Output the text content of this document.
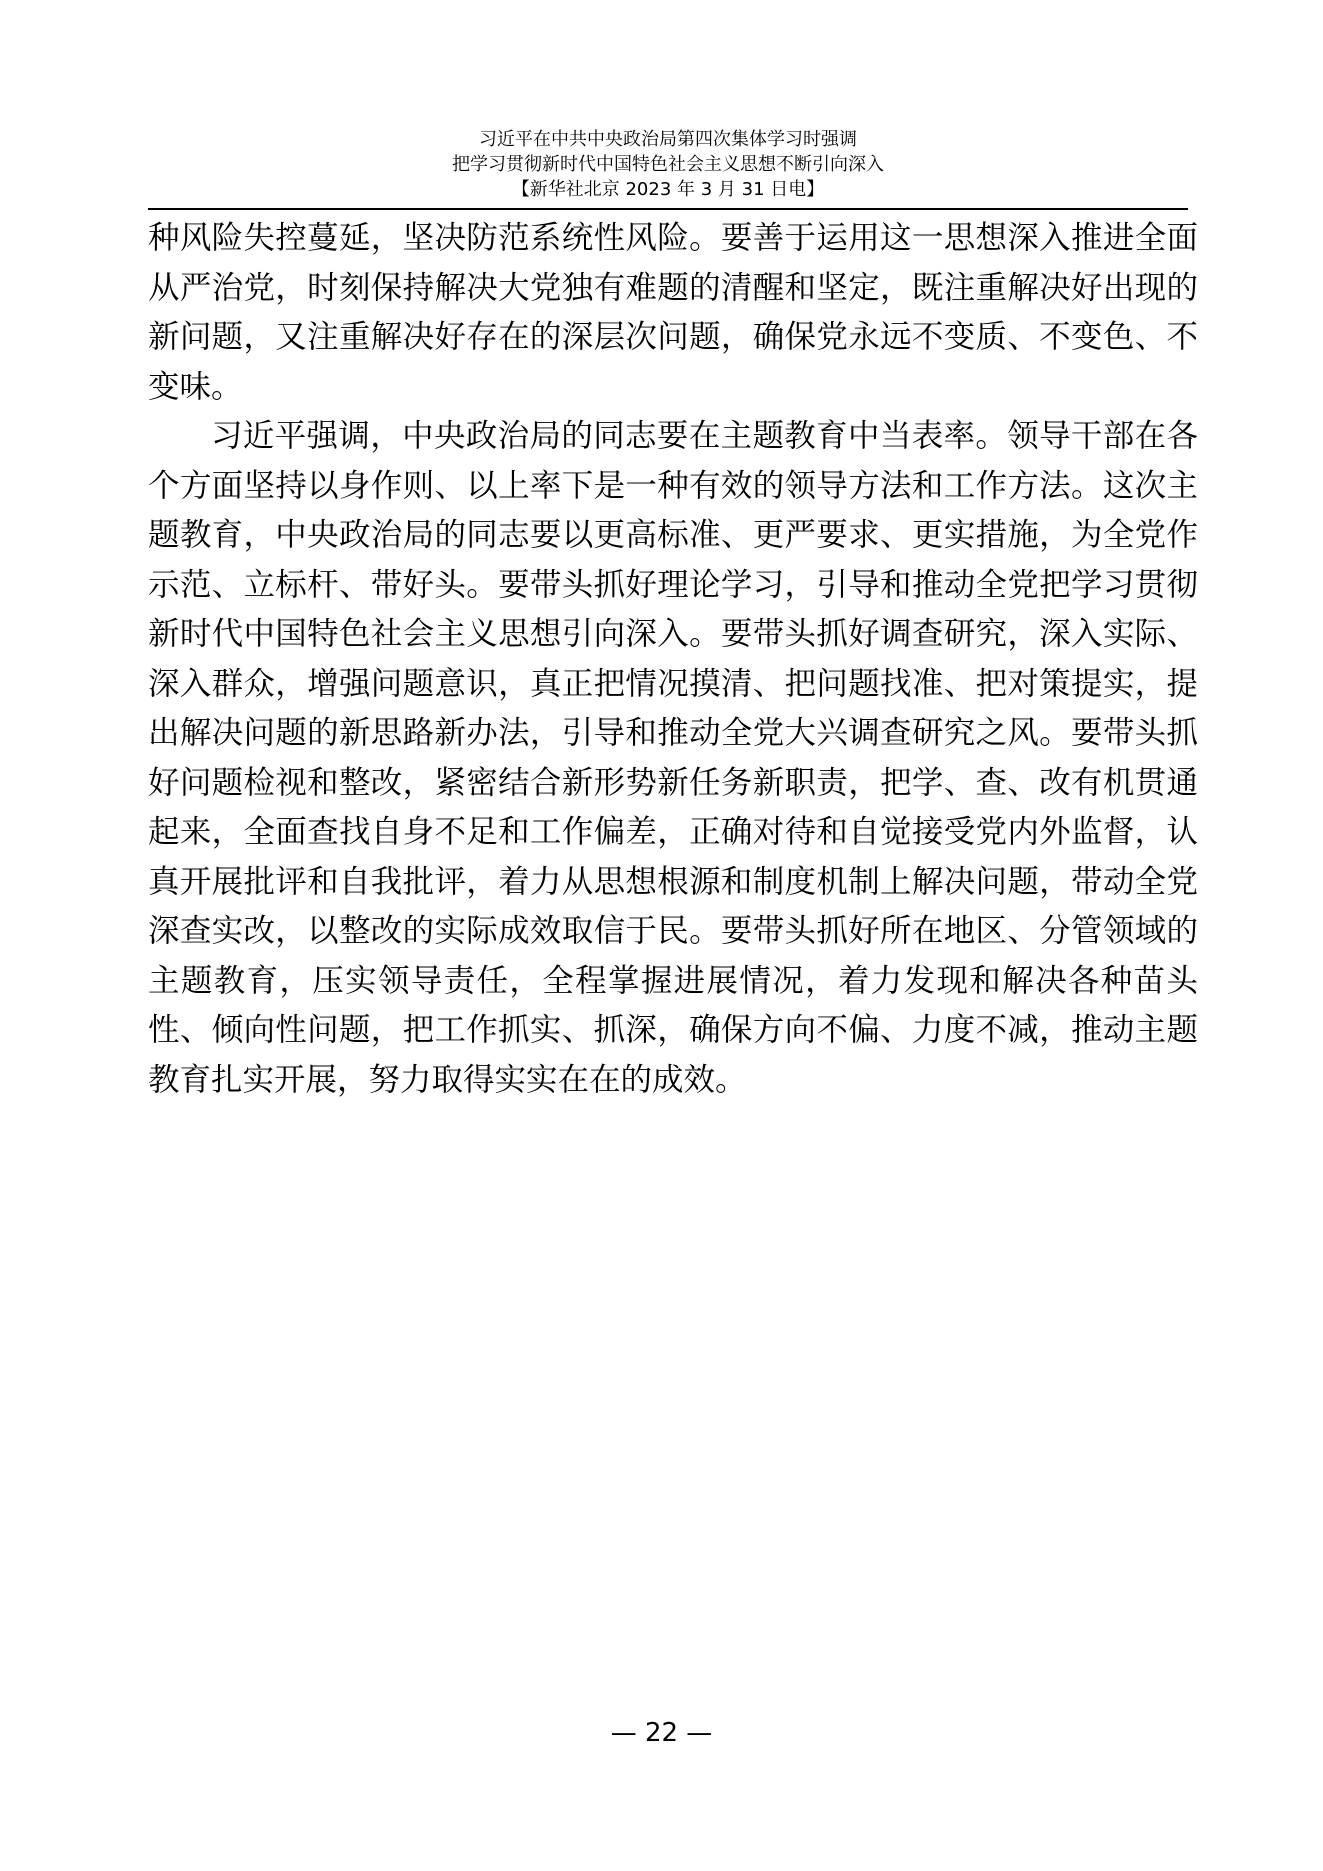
习近平在中共中央政治局第四次集体学习时强调
把学习贯彻新时代中国特色社会主义思想不断引向深入
【新华社北京 2023 年 3 月 31 日电】

种风险失控蔓延，坚决防范系统性风险。要善于运用这一思想深入推进全面从严治党，时刻保持解决大党独有难题的清醒和坚定，既注重解决好出现的新问题，又注重解决好存在的深层次问题，确保党永远不变质、不变色、不变味。

习近平强调，中央政治局的同志要在主题教育中当表率。领导干部在各个方面坚持以身作则、以上率下是一种有效的领导方法和工作方法。这次主题教育，中央政治局的同志要以更高标准、更严要求、更实措施，为全党作示范、立标杆、带好头。要带头抓好理论学习，引导和推动全党把学习贯彻新时代中国特色社会主义思想引向深入。要带头抓好调查研究，深入实际、深入群众，增强问题意识，真正把情况摸清、把问题找准、把对策提实，提出解决问题的新思路新办法，引导和推动全党大兴调查研究之风。要带头抓好问题检视和整改，紧密结合新形势新任务新职责，把学、查、改有机贯通起来，全面查找自身不足和工作偏差，正确对待和自觉接受党内外监督，认真开展批评和自我批评，着力从思想根源和制度机制上解决问题，带动全党深查实改，以整改的实际成效取信于民。要带头抓好所在地区、分管领域的主题教育，压实领导责任，全程掌握进展情况，着力发现和解决各种苗头性、倾向性问题，把工作抓实、抓深，确保方向不偏、力度不减，推动主题教育扎实开展，努力取得实实在在的成效。

— 22 —
